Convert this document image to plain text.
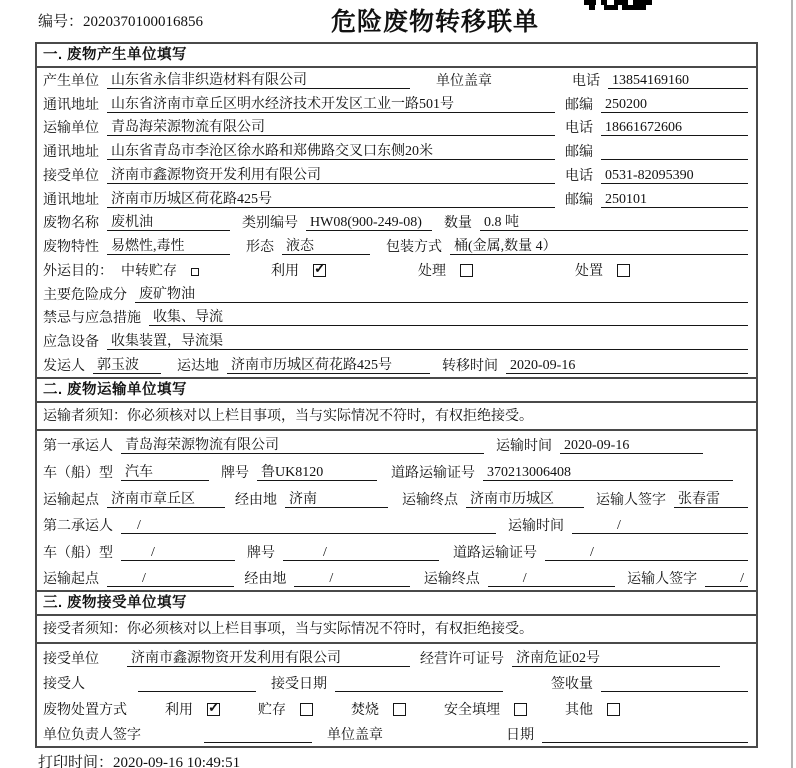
编号：2020370100016856	危险废物转移联单
一. 废物产生单位填写
产生单位 山东省永信非织造材料有限公司	单位盖章	电话 13854169160
通讯地址 山东省济南市章丘区明水经济技术开发区工业一路501号	邮编 250200
运输单位 青岛海荣源物流有限公司	电话 18661672606
通讯地址 山东省青岛市李沧区徐水路和郑佛路交叉口东侧20米	邮编
接受单位 济南市鑫源物资开发利用有限公司	电话 0531-82095390
通讯地址 济南市历城区荷花路425号	邮编 250101
废物名称 废机油	类别编号 HW08(900-249-08)	数量 0.8 吨
废物特性 易燃性,毒性	形态 液态	包装方式 桶(金属,数量 4）
外运目的： 中转贮存	利用 ✓	处理	处置
主要危险成分 废矿物油
禁忌与应急措施 收集、导流
应急设备 收集装置，导流渠
发运人 郭玉波	运达地 济南市历城区荷花路425号	转移时间 2020-09-16
二. 废物运输单位填写
运输者须知：你必须核对以上栏目事项，当与实际情况不符时，有权拒绝接受。
第一承运人 青岛海荣源物流有限公司	运输时间 2020-09-16
车（船）型 汽车	牌号 鲁UK8120	道路运输证号 370213006408
运输起点 济南市章丘区	经由地 济南	运输终点 济南市历城区	运输人签字 张春雷
第二承运人	/	运输时间	/
车（船）型	/	牌号	/	道路运输证号	/
运输起点	/	经由地	/	运输终点	/	运输人签字	/
三. 废物接受单位填写
接受者须知：你必须核对以上栏目事项，当与实际情况不符时，有权拒绝接受。
接受单位 济南市鑫源物资开发利用有限公司	经营许可证号 济南危证02号
接受人	接受日期	签收量
废物处置方式	利用 ✓	贮存	焚烧	安全填埋	其他
单位负责人签字	单位盖章	日期
打印时间：2020-09-16 10:49:51
